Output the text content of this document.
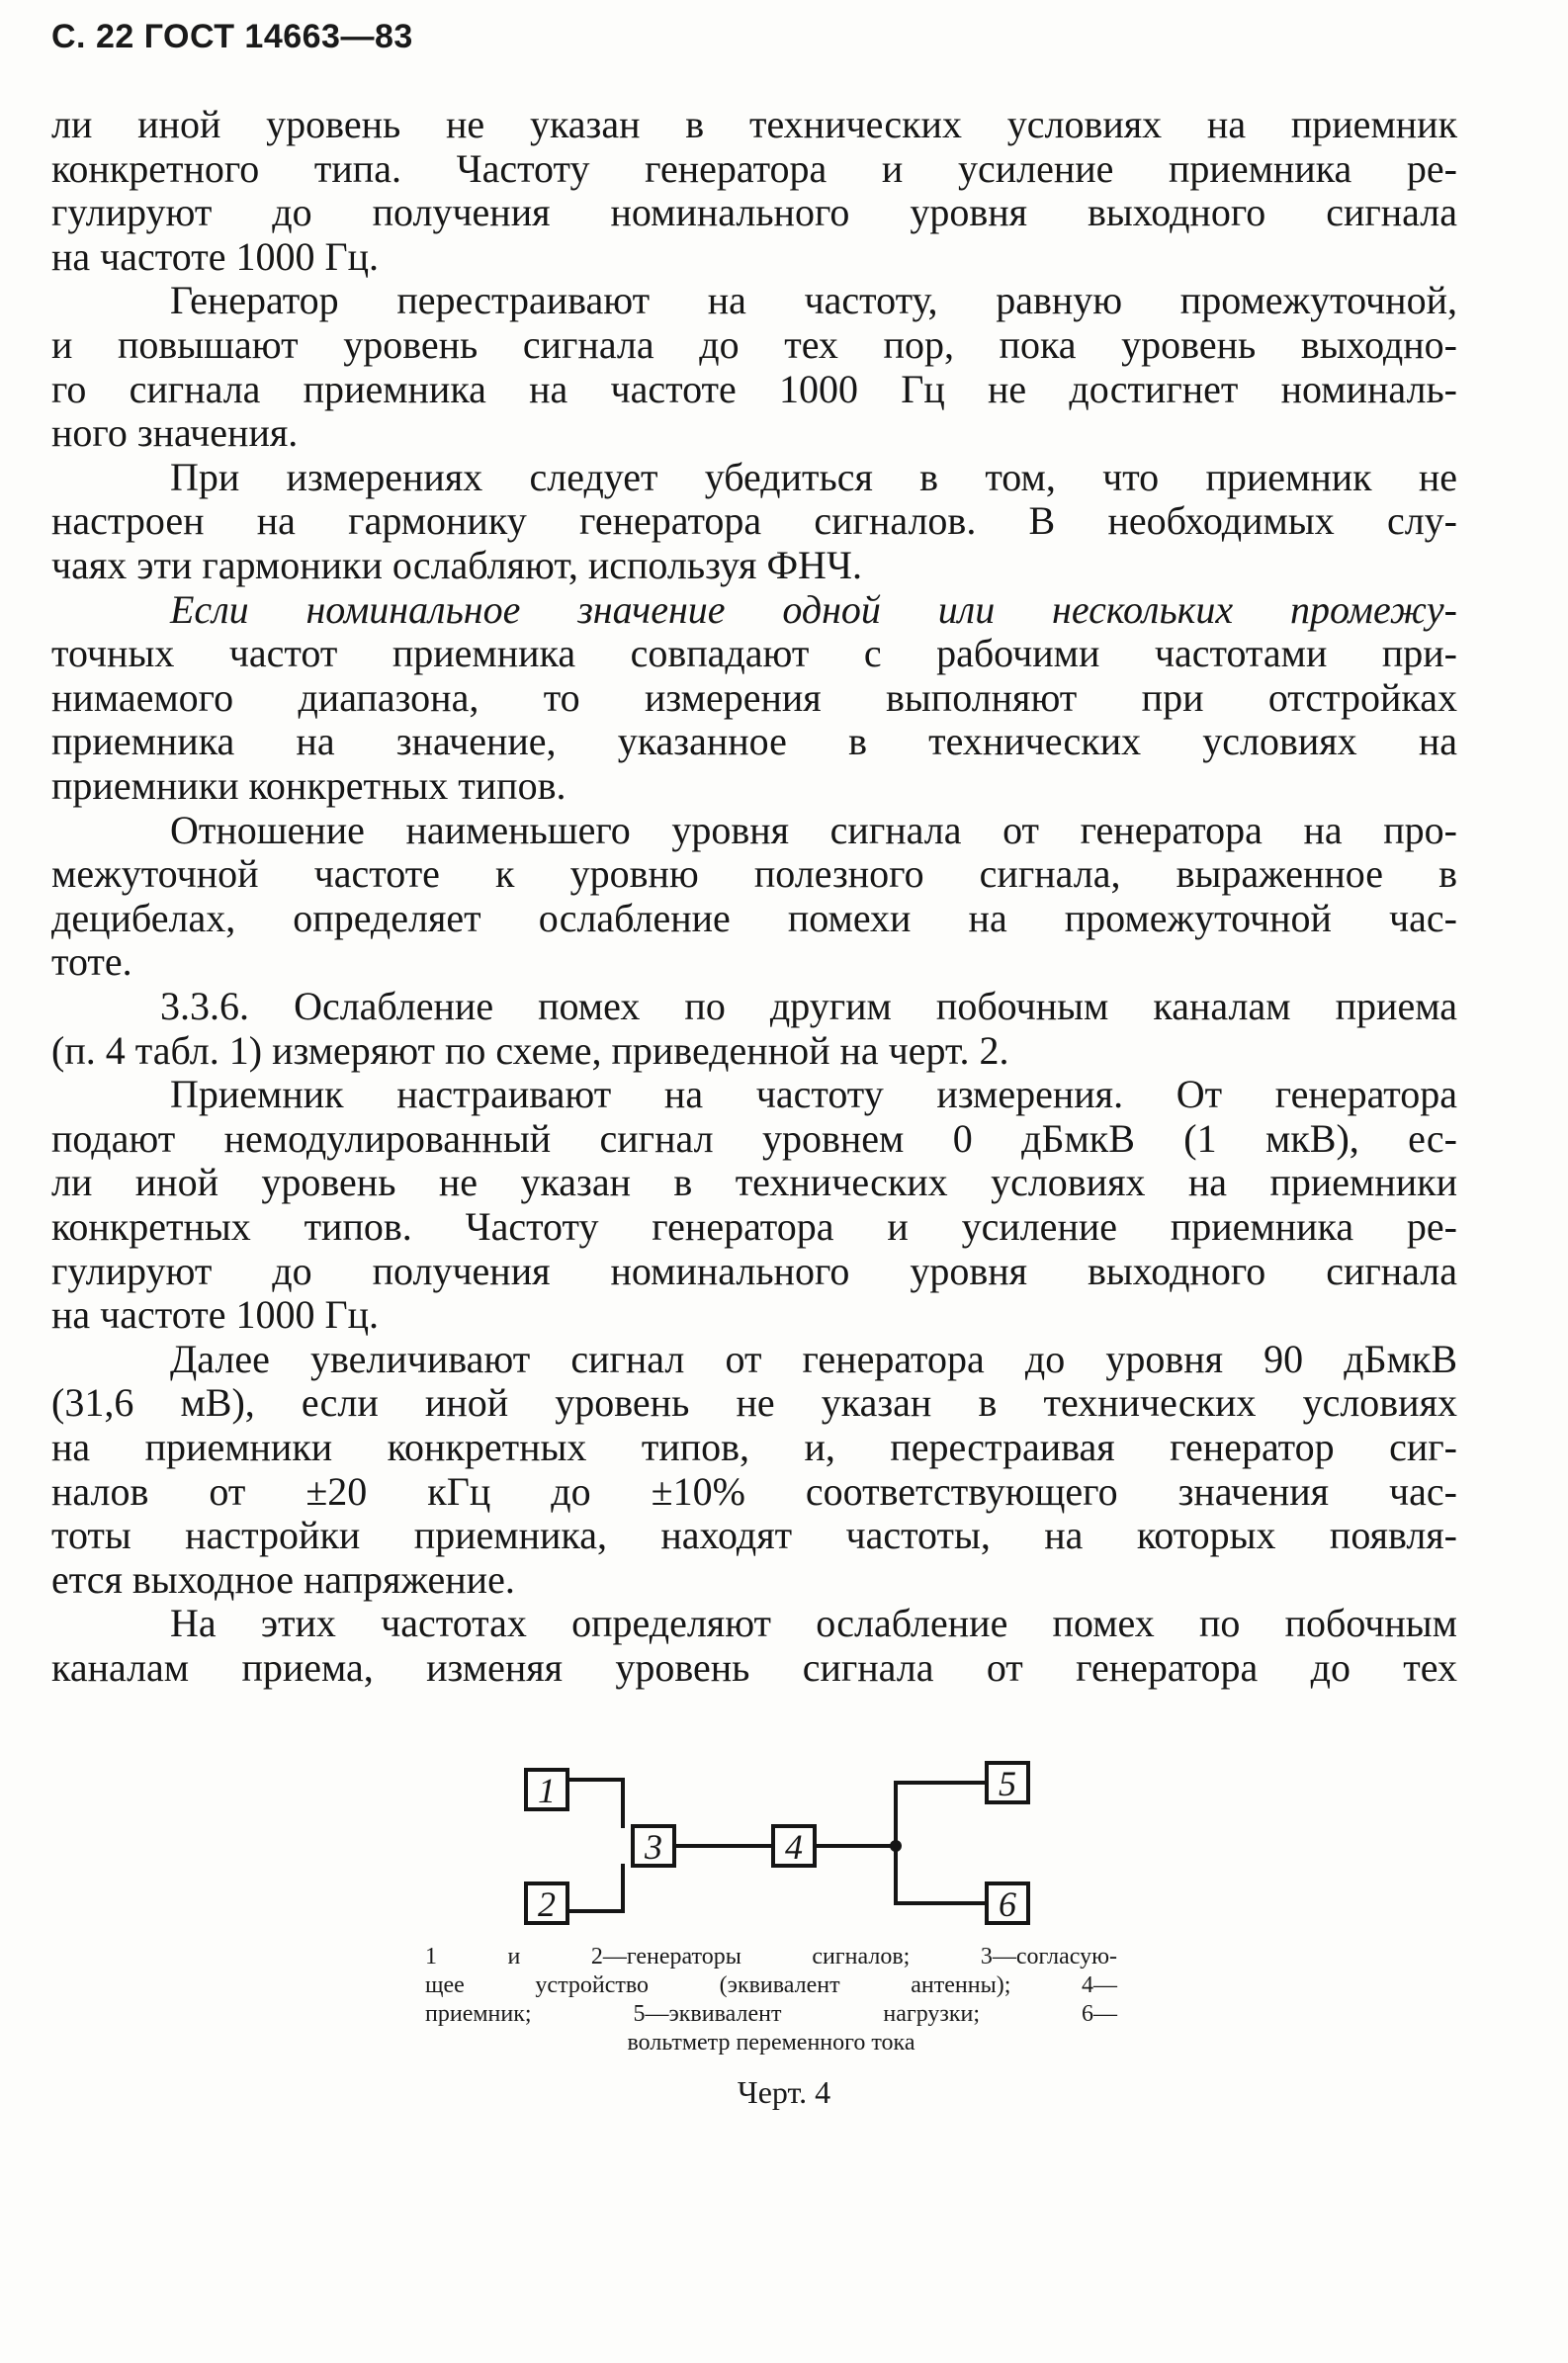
С. 22 ГОСТ 14663—83
ли иной уровень не указан в технических условиях на приемник
конкретного типа. Частоту генератора и усиление приемника ре-
гулируют до получения номинального уровня выходного сигнала
на частоте 1000 Гц.
Генератор перестраивают на частоту, равную промежуточной,
и повышают уровень сигнала до тех пор, пока уровень выходно-
го сигнала приемника на частоте 1000 Гц не достигнет номиналь-
ного значения.
При измерениях следует убедиться в том, что приемник не
настроен на гармонику генератора сигналов. В необходимых слу-
чаях эти гармоники ослабляют, используя ФНЧ.
Если номинальное значение одной или нескольких промежу-
точных частот приемника совпадают с рабочими частотами при-
нимаемого диапазона, то измерения выполняют при отстройках
приемника на значение, указанное в технических условиях на
приемники конкретных типов.
Отношение наименьшего уровня сигнала от генератора на про-
межуточной частоте к уровню полезного сигнала, выраженное в
децибелах, определяет ослабление помехи на промежуточной час-
тоте.
3.3.6. Ослабление помех по другим побочным каналам приема
(п. 4 табл. 1) измеряют по схеме, приведенной на черт. 2.
Приемник настраивают на частоту измерения. От генератора
подают немодулированный сигнал уровнем 0 дБмкВ (1 мкВ), ес-
ли иной уровень не указан в технических условиях на приемники
конкретных типов. Частоту генератора и усиление приемника ре-
гулируют до получения номинального уровня выходного сигнала
на частоте 1000 Гц.
Далее увеличивают сигнал от генератора до уровня 90 дБмкВ
(31,6 мВ), если иной уровень не указан в технических условиях
на приемники конкретных типов, и, перестраивая генератор сиг-
налов от ±20 кГц до ±10% соответствующего значения час-
тоты настройки приемника, находят частоты, на которых появля-
ется выходное напряжение.
На этих частотах определяют ослабление помех по побочным
каналам приема, изменяя уровень сигнала от генератора до тех
1
2
3	4
5
6
1 и 2—генераторы сигналов; 3—согласую-
щее устройство (эквивалент антенны); 4—
приемник; 5—эквивалент нагрузки; 6—
вольтметр переменного тока
Черт. 4
